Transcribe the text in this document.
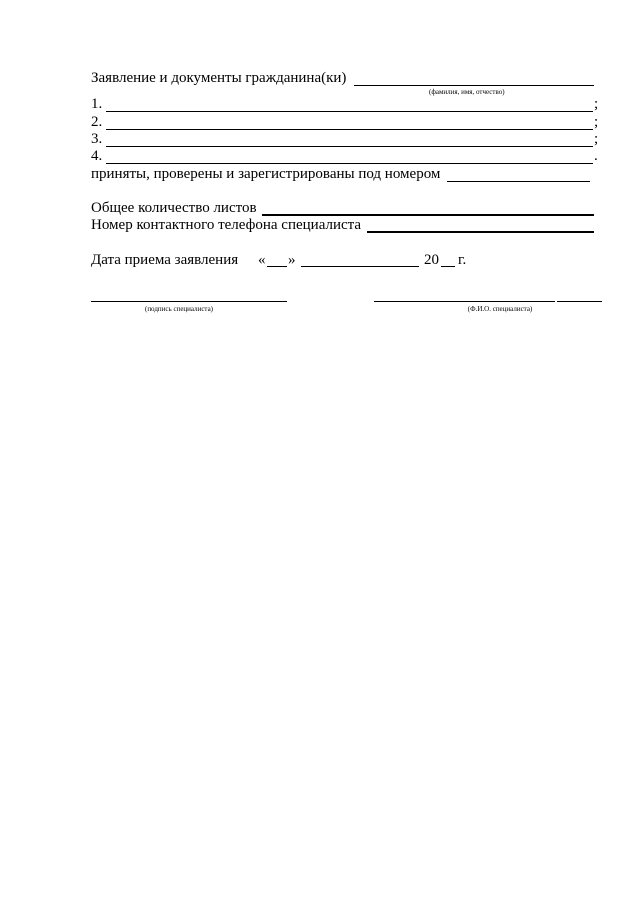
Заявление и документы гражданина(ки)
(фамилия, имя, отчество)
1.	;
2.	;
3.	;
4.	.
приняты, проверены и зарегистрированы под номером
Общее количество листов
Номер контактного телефона специалиста
Дата приема заявления « »	20 г.
(подпись специалиста)	(Ф.И.О. специалиста)
